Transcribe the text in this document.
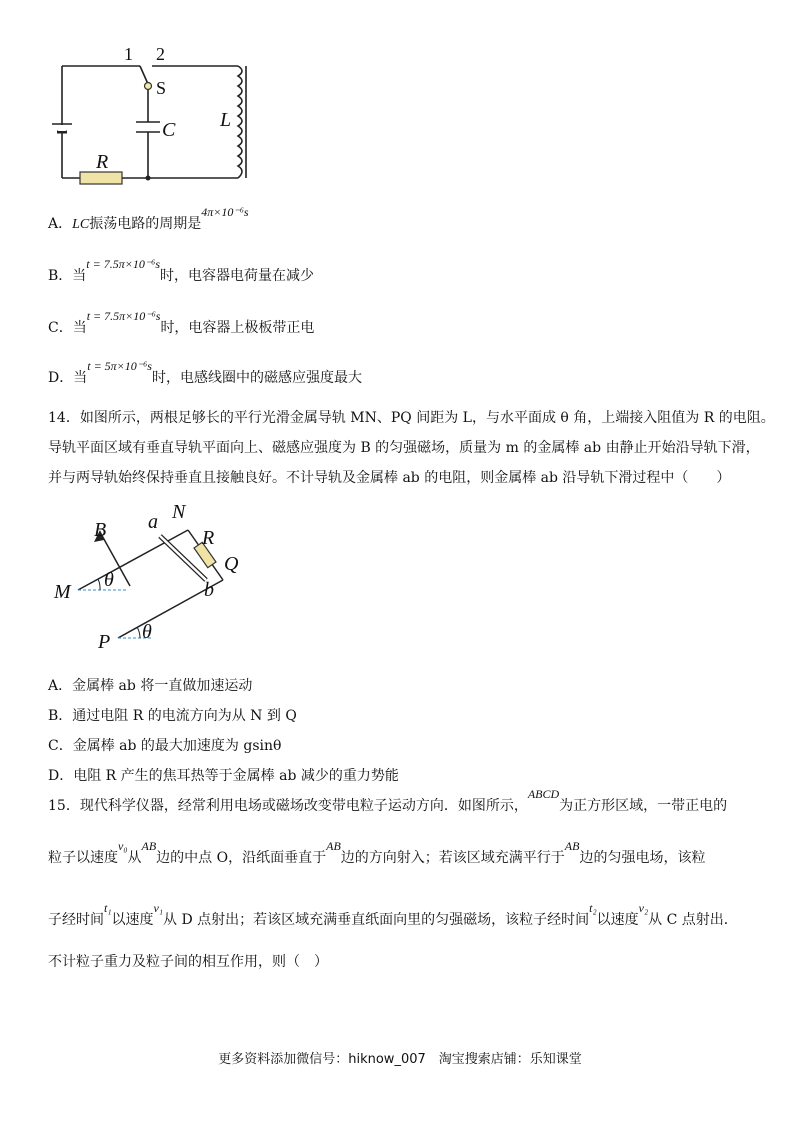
1 2
S
C L
R
A．LC振荡电路的周期是4π×10⁻⁶s
B．当t = 7.5π×10⁻⁶s时，电容器电荷量在减少
C．当t = 7.5π×10⁻⁶s时，电容器上极板带正电
D．当t = 5π×10⁻⁶s时，电感线圈中的磁感应强度最大
14．如图所示，两根足够长的平行光滑金属导轨 MN、PQ 间距为 L，与水平面成 θ 角，上端接入阻值为 R 的电阻。
导轨平面区域有垂直导轨平面向上、磁感应强度为 B 的匀强磁场，质量为 m 的金属棒 ab 由静止开始沿导轨下滑，
并与两导轨始终保持垂直且接触良好。不计导轨及金属棒 ab 的电阻，则金属棒 ab 沿导轨下滑过程中（　　）
B a N
R
Q
M
θ	b
P θ
A．金属棒 ab 将一直做加速运动
B．通过电阻 R 的电流方向为从 N 到 Q
C．金属棒 ab 的最大加速度为 gsinθ
D．电阻 R 产生的焦耳热等于金属棒 ab 减少的重力势能
15．现代科学仪器，经常利用电场或磁场改变带电粒子运动方向．如图所示，ABCD为正方形区域，一带正电的
粒子以速度v₀从AB边的中点 O，沿纸面垂直于AB边的方向射入；若该区域充满平行于AB边的匀强电场，该粒
子经时间t₁以速度v₁从 D 点射出；若该区域充满垂直纸面向里的匀强磁场，该粒子经时间t₂以速度v₂从 C 点射出．
不计粒子重力及粒子间的相互作用，则（　）
更多资料添加微信号：hiknow_007　淘宝搜索店铺：乐知课堂
